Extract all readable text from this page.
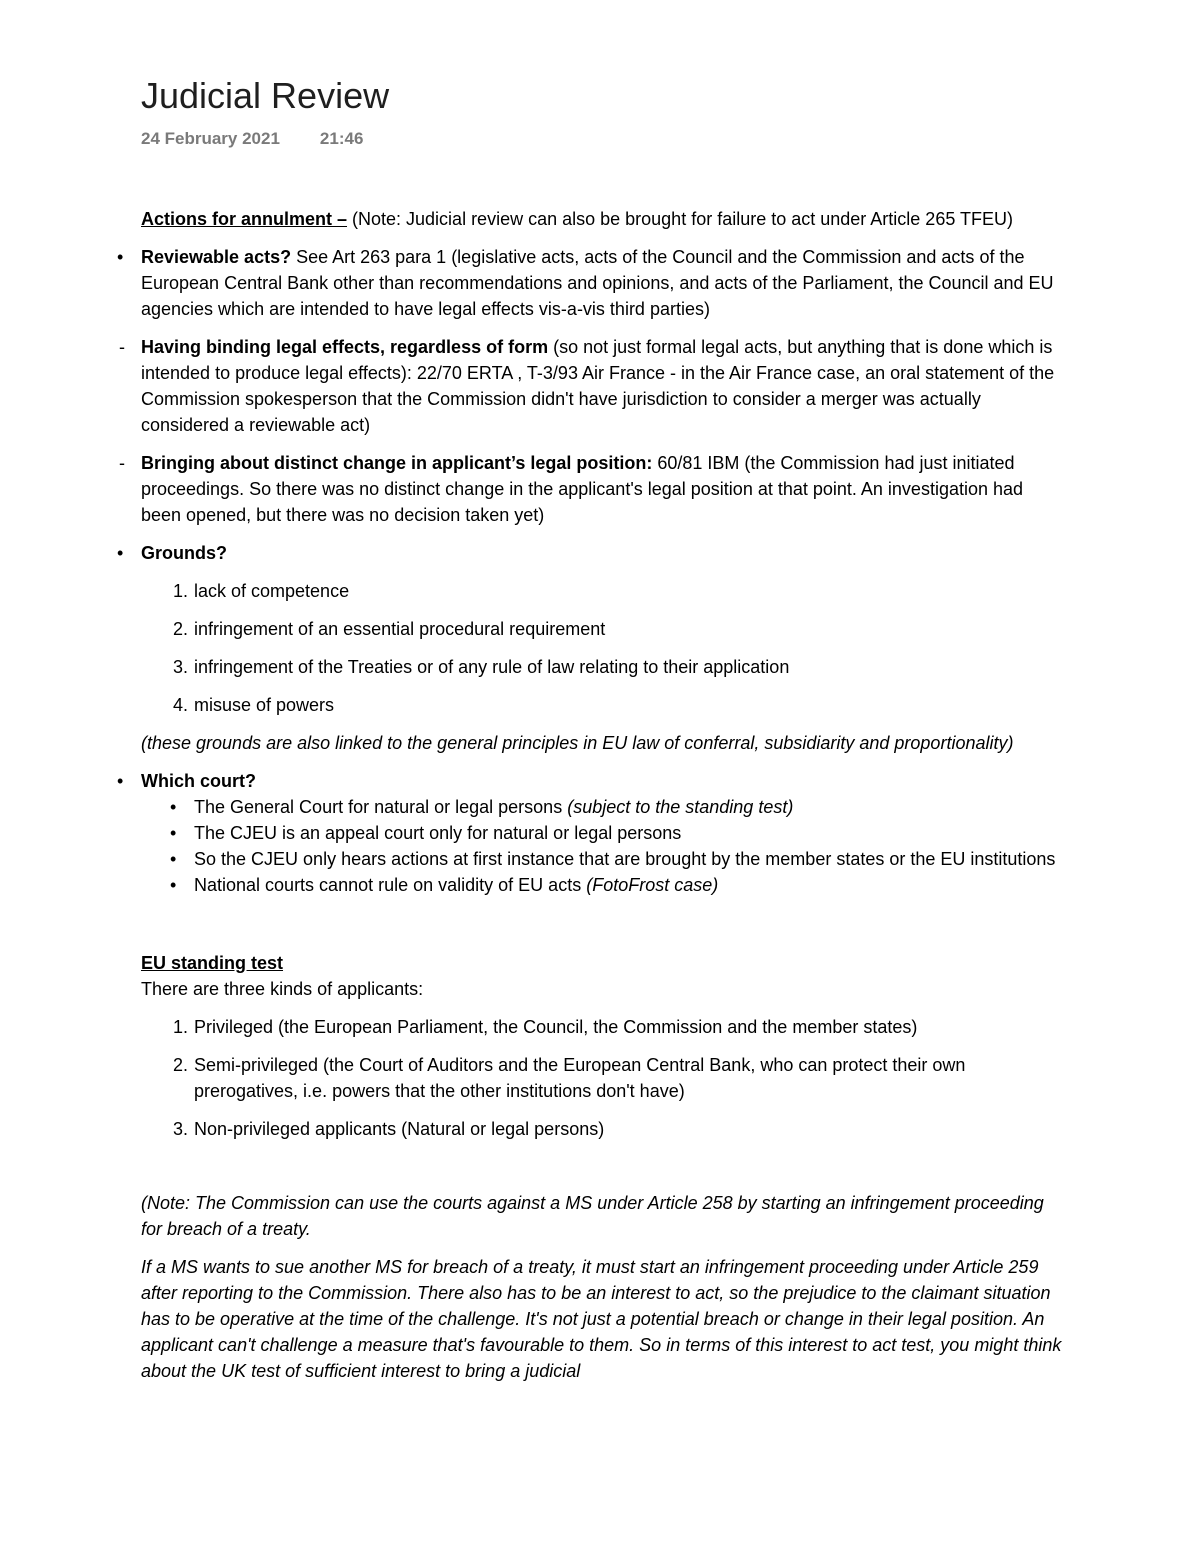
Judicial Review
24 February 2021 21:46

Actions for annulment – (Note: Judicial review can also be brought for failure to act under Article 265 TFEU)

• Reviewable acts? See Art 263 para 1 (legislative acts, acts of the Council and the Commission and acts of the European Central Bank other than recommendations and opinions, and acts of the Parliament, the Council and EU agencies which are intended to have legal effects vis-a-vis third parties)
- Having binding legal effects, regardless of form (so not just formal legal acts, but anything that is done which is intended to produce legal effects): 22/70 ERTA , T-3/93 Air France - in the Air France case, an oral statement of the Commission spokesperson that the Commission didn't have jurisdiction to consider a merger was actually considered a reviewable act)
- Bringing about distinct change in applicant’s legal position: 60/81 IBM (the Commission had just initiated proceedings. So there was no distinct change in the applicant's legal position at that point. An investigation had been opened, but there was no decision taken yet)
• Grounds?
1. lack of competence
2. infringement of an essential procedural requirement
3. infringement of the Treaties or of any rule of law relating to their application
4. misuse of powers

(these grounds are also linked to the general principles in EU law of conferral, subsidiarity and proportionality)

• Which court?
• The General Court for natural or legal persons (subject to the standing test)
• The CJEU is an appeal court only for natural or legal persons
• So the CJEU only hears actions at first instance that are brought by the member states or the EU institutions
• National courts cannot rule on validity of EU acts (FotoFrost case)

EU standing test

There are three kinds of applicants:

1. Privileged (the European Parliament, the Council, the Commission and the member states)
2. Semi-privileged (the Court of Auditors and the European Central Bank, who can protect their own prerogatives, i.e. powers that the other institutions don't have)
3. Non-privileged applicants (Natural or legal persons)

(Note: The Commission can use the courts against a MS under Article 258 by starting an infringement proceeding for breach of a treaty.

If a MS wants to sue another MS for breach of a treaty, it must start an infringement proceeding under Article 259 after reporting to the Commission. There also has to be an interest to act, so the prejudice to the claimant situation has to be operative at the time of the challenge. It's not just a potential breach or change in their legal position. An applicant can't challenge a measure that's favourable to them. So in terms of this interest to act test, you might think about the UK test of sufficient interest to bring a judicial
